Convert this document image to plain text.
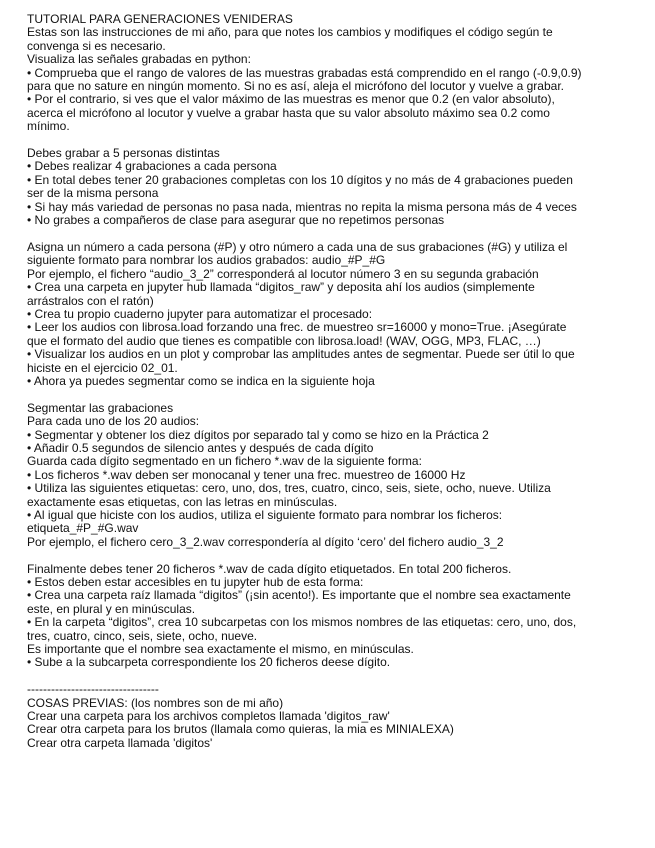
TUTORIAL PARA GENERACIONES VENIDERAS
Estas son las instrucciones de mi año, para que notes los cambios y modifiques el código según te
convenga si es necesario.
Visualiza las señales grabadas en python:
• Comprueba que el rango de valores de las muestras grabadas está comprendido en el rango (-0.9,0.9)
para que no sature en ningún momento. Si no es así, aleja el micrófono del locutor y vuelve a grabar.
• Por el contrario, si ves que el valor máximo de las muestras es menor que 0.2 (en valor absoluto),
acerca el micrófono al locutor y vuelve a grabar hasta que su valor absoluto máximo sea 0.2 como
mínimo.
Debes grabar a 5 personas distintas
• Debes realizar 4 grabaciones a cada persona
• En total debes tener 20 grabaciones completas con los 10 dígitos y no más de 4 grabaciones pueden
ser de la misma persona
• Si hay más variedad de personas no pasa nada, mientras no repita la misma persona más de 4 veces
• No grabes a compañeros de clase para asegurar que no repetimos personas
Asigna un número a cada persona (#P) y otro número a cada una de sus grabaciones (#G) y utiliza el
siguiente formato para nombrar los audios grabados: audio_#P_#G
Por ejemplo, el fichero “audio_3_2” corresponderá al locutor número 3 en su segunda grabación
• Crea una carpeta en jupyter hub llamada “digitos_raw” y deposita ahí los audios (simplemente
arrástralos con el ratón)
• Crea tu propio cuaderno jupyter para automatizar el procesado:
• Leer los audios con librosa.load forzando una frec. de muestreo sr=16000 y mono=True. ¡Asegúrate
que el formato del audio que tienes es compatible con librosa.load! (WAV, OGG, MP3, FLAC, …)
• Visualizar los audios en un plot y comprobar las amplitudes antes de segmentar. Puede ser útil lo que
hiciste en el ejercicio 02_01.
• Ahora ya puedes segmentar como se indica en la siguiente hoja
Segmentar las grabaciones
Para cada uno de los 20 audios:
• Segmentar y obtener los diez dígitos por separado tal y como se hizo en la Práctica 2
• Añadir 0.5 segundos de silencio antes y después de cada dígito
Guarda cada dígito segmentado en un fichero *.wav de la siguiente forma:
• Los ficheros *.wav deben ser monocanal y tener una frec. muestreo de 16000 Hz
• Utiliza las siguientes etiquetas: cero, uno, dos, tres, cuatro, cinco, seis, siete, ocho, nueve. Utiliza
exactamente esas etiquetas, con las letras en minúsculas.
• Al igual que hiciste con los audios, utiliza el siguiente formato para nombrar los ficheros:
etiqueta_#P_#G.wav
Por ejemplo, el fichero cero_3_2.wav correspondería al dígito ‘cero’ del fichero audio_3_2
Finalmente debes tener 20 ficheros *.wav de cada dígito etiquetados. En total 200 ficheros.
• Estos deben estar accesibles en tu jupyter hub de esta forma:
• Crea una carpeta raíz llamada “digitos” (¡sin acento!). Es importante que el nombre sea exactamente
este, en plural y en minúsculas.
• En la carpeta “digitos”, crea 10 subcarpetas con los mismos nombres de las etiquetas: cero, uno, dos,
tres, cuatro, cinco, seis, siete, ocho, nueve.
Es importante que el nombre sea exactamente el mismo, en minúsculas.
• Sube a la subcarpeta correspondiente los 20 ficheros deese dígito.
---------------------------------
COSAS PREVIAS: (los nombres son de mi año)
Crear una carpeta para los archivos completos llamada 'digitos_raw'
Crear otra carpeta para los brutos (llamala como quieras, la mia es MINIALEXA)
Crear otra carpeta llamada 'digitos'
